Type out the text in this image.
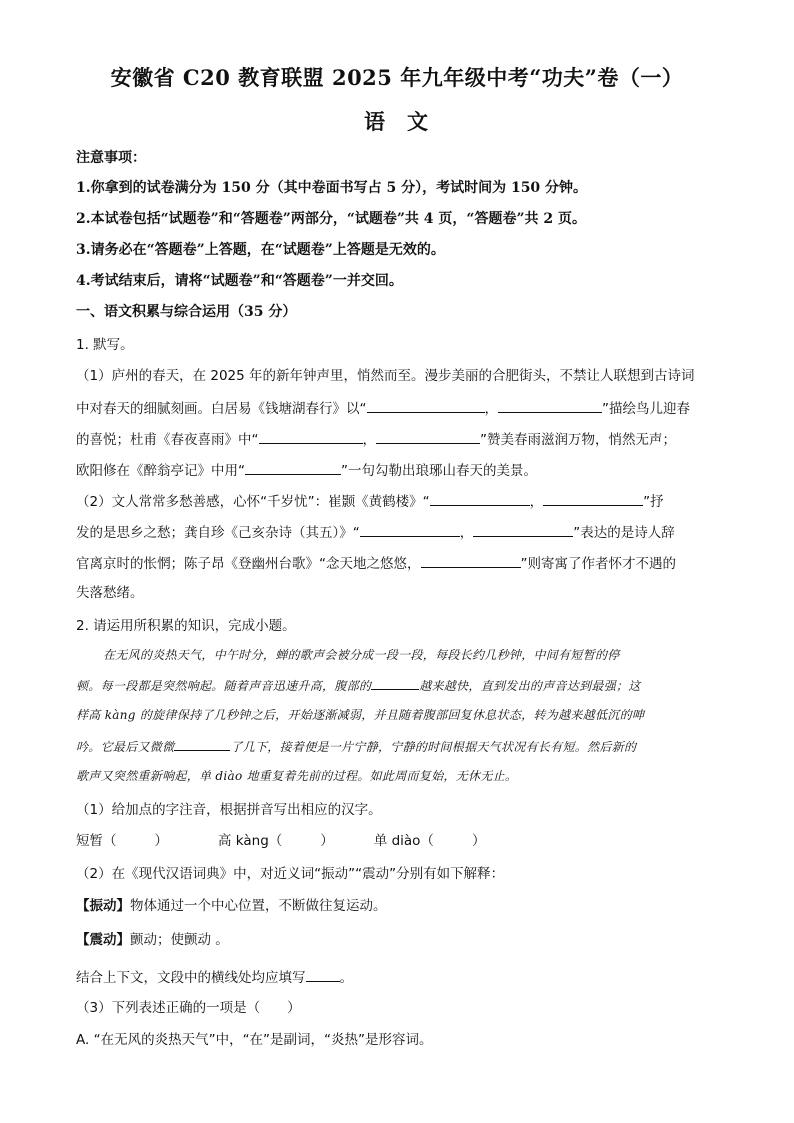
安徽省 C20 教育联盟 2025 年九年级中考“功夫”卷（一）
语文
注意事项：
1.你拿到的试卷满分为 150 分（其中卷面书写占 5 分），考试时间为 150 分钟。
2.本试卷包括“试题卷”和“答题卷”两部分，“试题卷”共 4 页，“答题卷”共 2 页。
3.请务必在“答题卷”上答题，在“试题卷”上答题是无效的。
4.考试结束后，请将“试题卷”和“答题卷”一并交回。
一、语文积累与综合运用（35 分）
1. 默写。
（1）庐州的春天，在 2025 年的新年钟声里，悄然而至。漫步美丽的合肥街头，不禁让人联想到古诗词
中对春天的细腻刻画。白居易《钱塘湖春行》以“	，	”描绘鸟儿迎春
的喜悦；杜甫《春夜喜雨》中“	，	”赞美春雨滋润万物，悄然无声；
欧阳修在《醉翁亭记》中用“	”一句勾勒出琅琊山春天的美景。
（2）文人常常多愁善感，心怀“千岁忧”：崔颢《黄鹤楼》“	，	”抒
发的是思乡之愁；龚自珍《己亥杂诗（其五）》“	，	”表达的是诗人辞
官离京时的怅惘；陈子昂《登幽州台歌》“念天地之悠悠，	”则寄寓了作者怀才不遇的
失落愁绪。
2. 请运用所积累的知识，完成小题。
在无风的炎热天气，中午时分，蝉的歌声会被分成一段一段，每段长约几秒钟，中间有短暂的停
顿。每一段都是突然响起。随着声音迅速升高，腹部的	越来越快，直到发出的声音达到最强；这
样高 kàng 的旋律保持了几秒钟之后，开始逐渐减弱，并且随着腹部回复休息状态，转为越来越低沉的呻
吟。它最后又微微	了几下，接着便是一片宁静，宁静的时间根据天气状况有长有短。然后新的
歌声又突然重新响起，单 diào 地重复着先前的过程。如此周而复始，无休无止。
（1）给加点的字注音，根据拼音写出相应的汉字。
短暂（	）	高 kàng（	）	单 diào（	）
（2）在《现代汉语词典》中，对近义词“振动”“震动”分别有如下解释：
【振动】物体通过一个中心位置，不断做往复运动。
【震动】颤动；使颤动 。
结合上下文，文段中的横线处均应填写	。
（3）下列表述正确的一项是（　　）
A. “在无风的炎热天气”中，“在”是副词，“炎热”是形容词。
